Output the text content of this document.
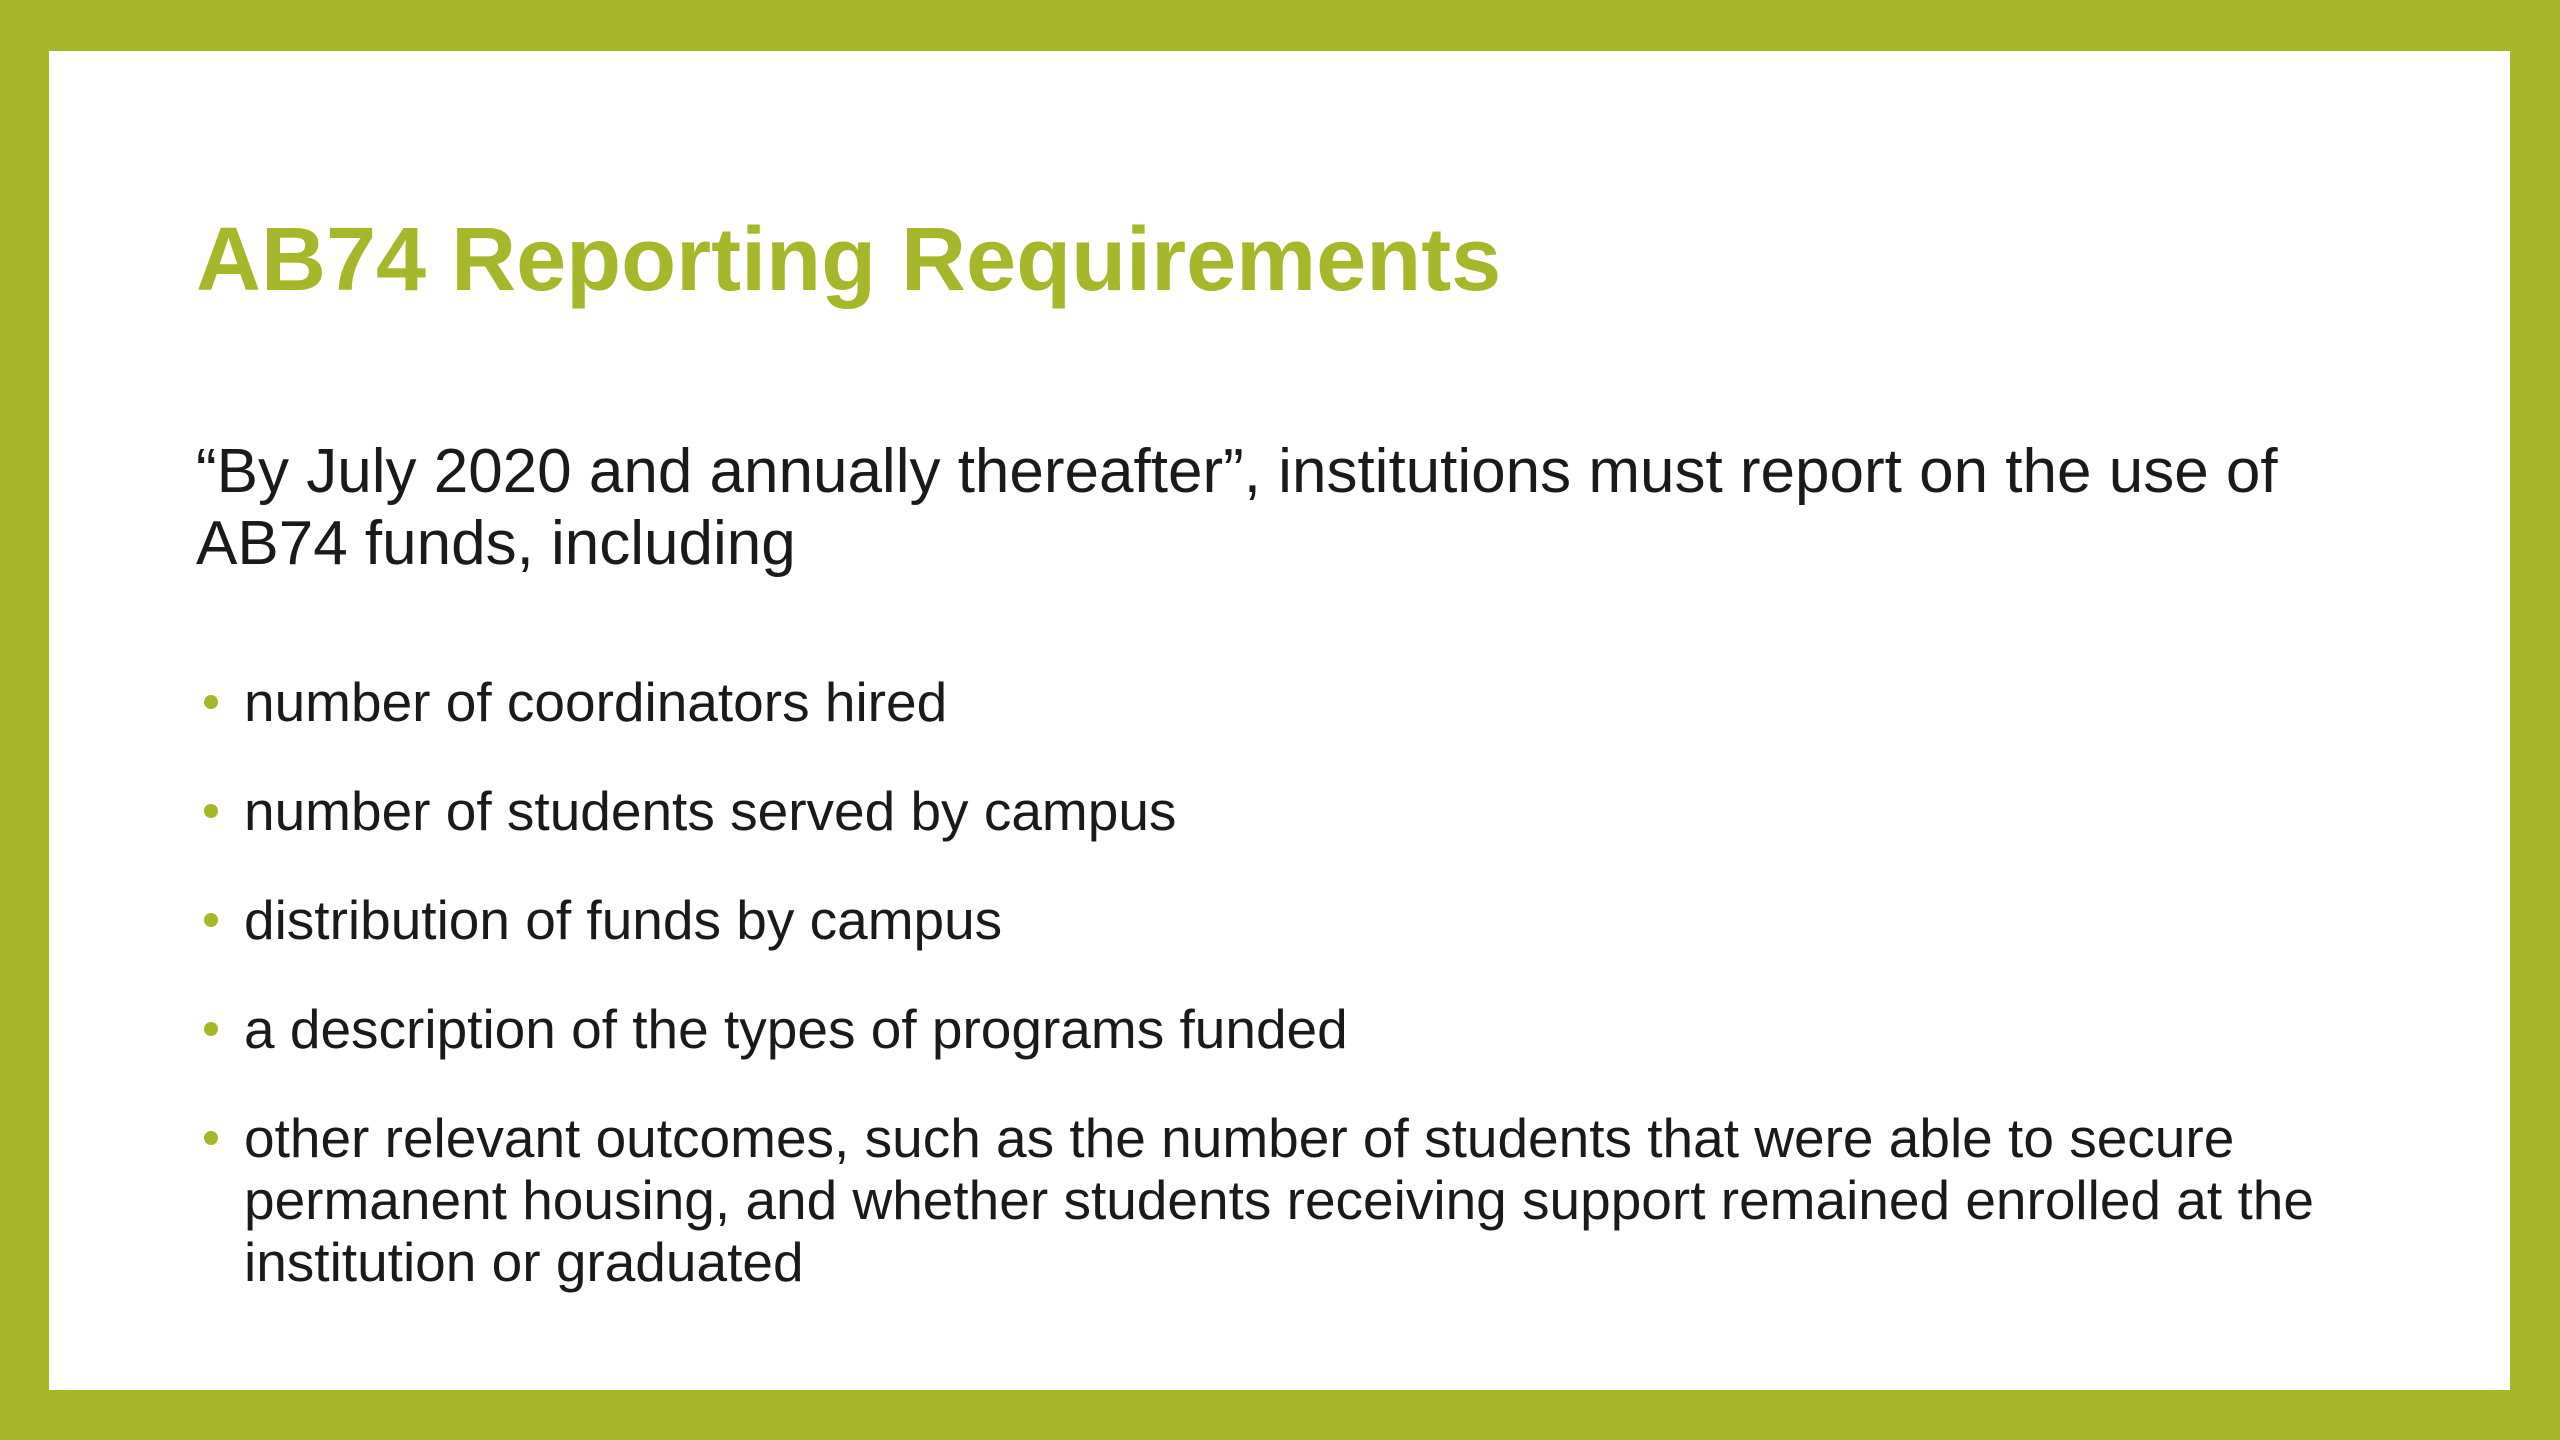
AB74 Reporting Requirements

“By July 2020 and annually thereafter”, institutions must report on the use of AB74 funds, including

number of coordinators hired
number of students served by campus
distribution of funds by campus
a description of the types of programs funded
other relevant outcomes, such as the number of students that were able to secure permanent housing, and whether students receiving support remained enrolled at the institution or graduated
